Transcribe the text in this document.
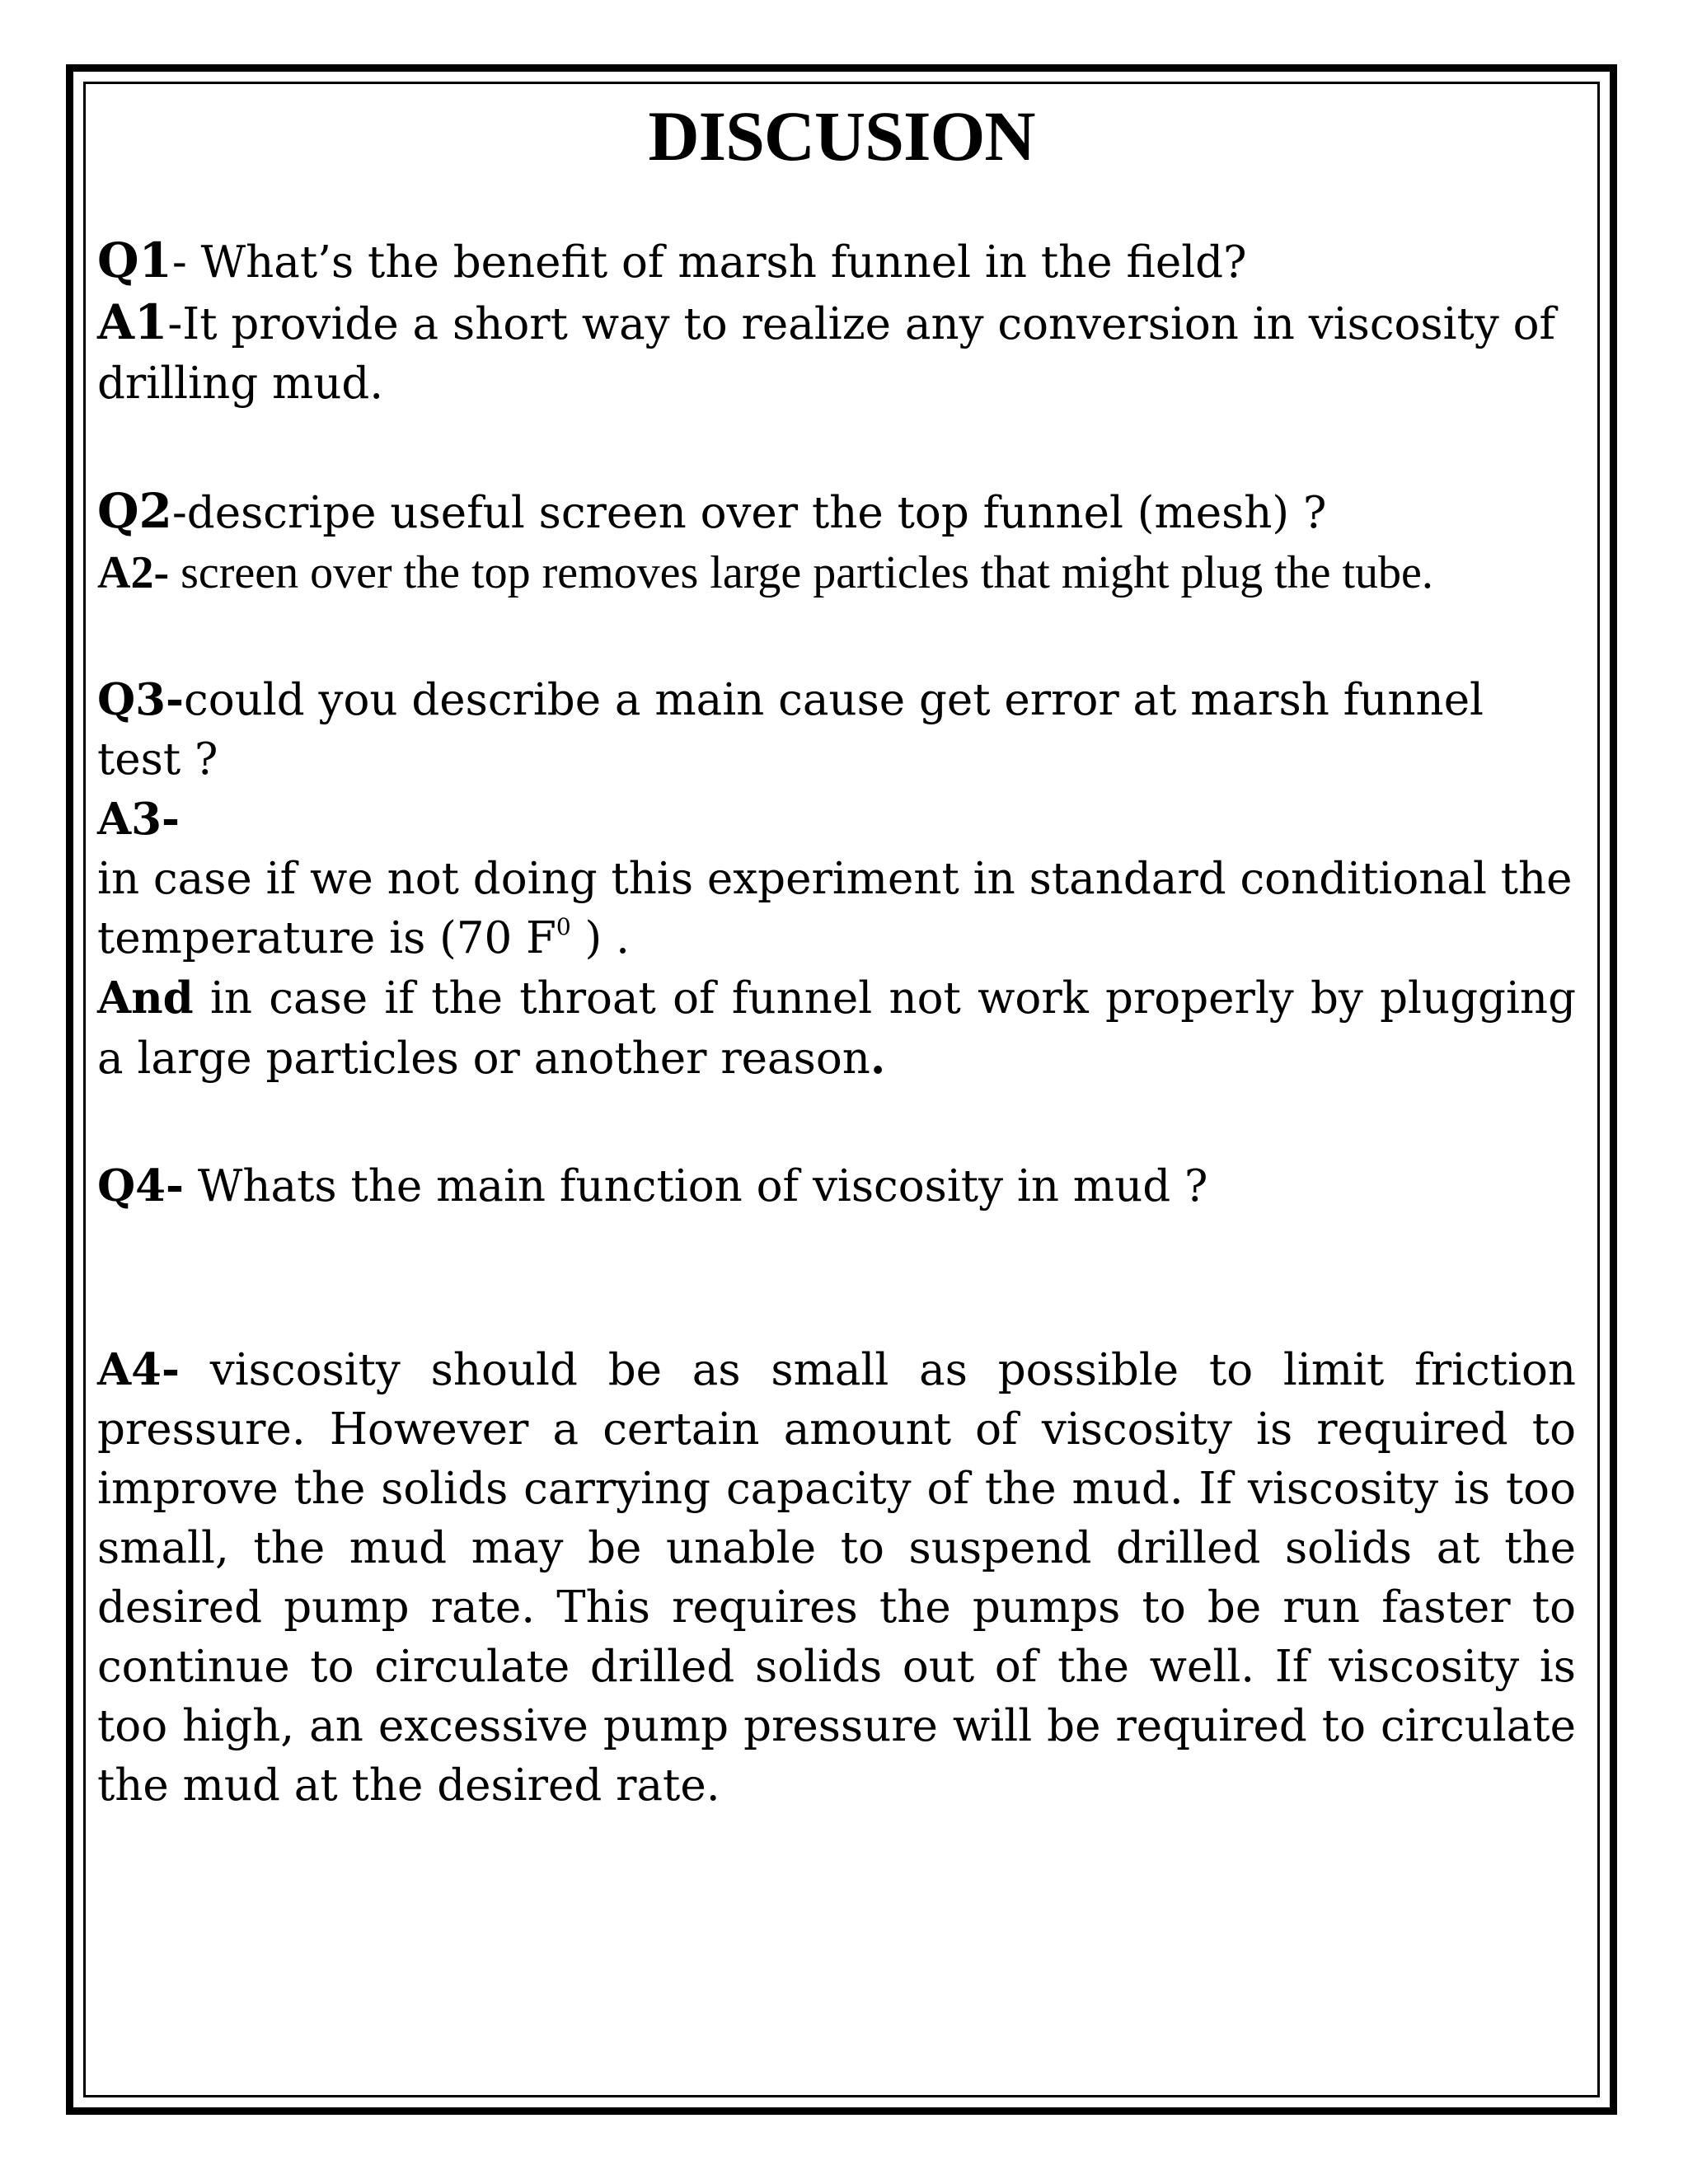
DISCUSION

Q1- What’s the benefit of marsh funnel in the field?

A1-It provide a short way to realize any conversion in viscosity of drilling mud.

Q2-descripe useful screen over the top funnel (mesh) ?

A2- screen over the top removes large particles that might plug the tube.

Q3-could you describe a main cause get error at marsh funnel test ?

A3-

in case if we not doing this experiment in standard conditional the temperature is (70 $F^0$ ) .

And in case if the throat of funnel not work properly by plugging a large particles or another reason.

Q4- Whats the main function of viscosity in mud ?

A4- viscosity should be as small as possible to limit friction pressure. However a certain amount of viscosity is required to improve the solids carrying capacity of the mud. If viscosity is too small, the mud may be unable to suspend drilled solids at the desired pump rate. This requires the pumps to be run faster to continue to circulate drilled solids out of the well. If viscosity is too high, an excessive pump pressure will be required to circulate the mud at the desired rate.
